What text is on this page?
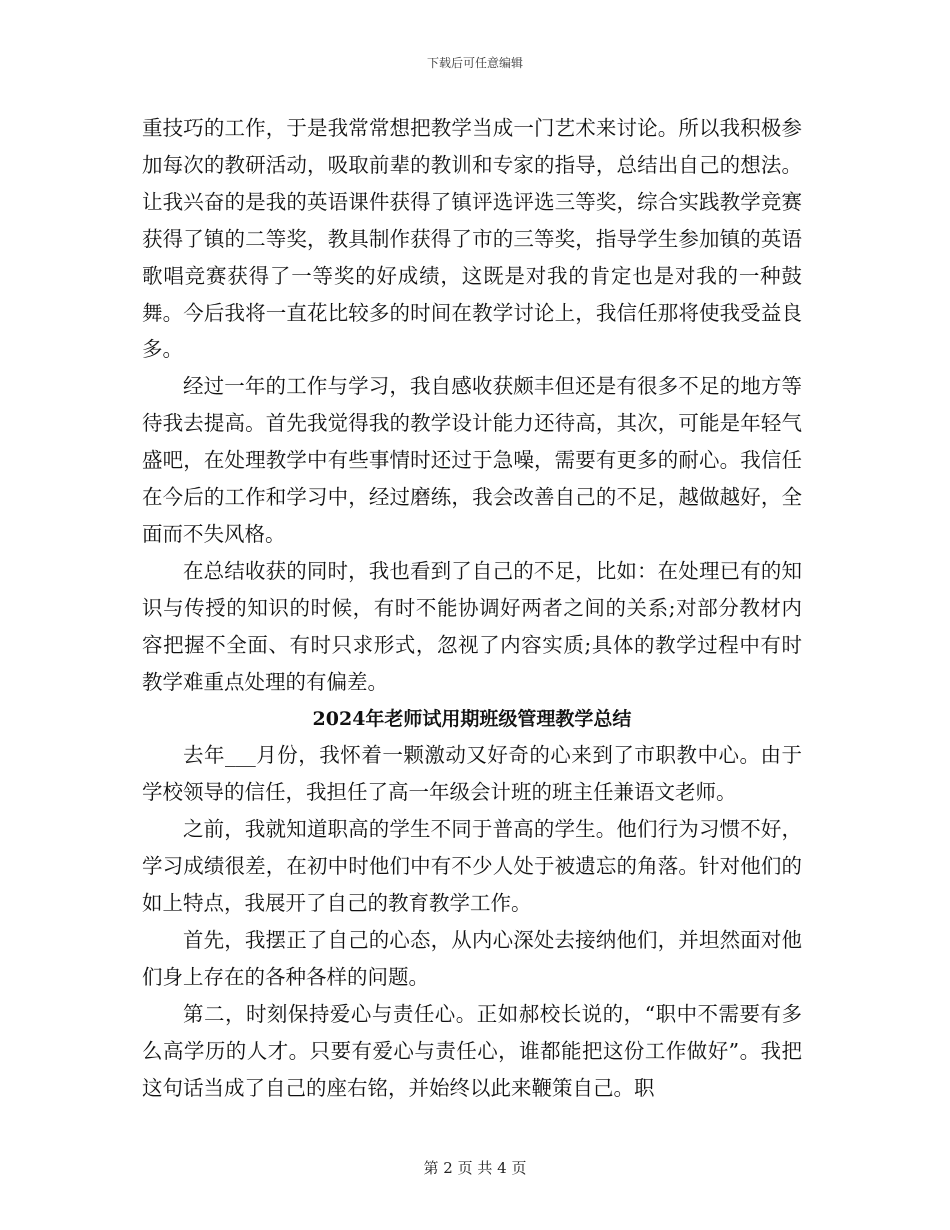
下载后可任意编辑

重技巧的工作，于是我常常想把教学当成一门艺术来讨论。所以我积极参加每次的教研活动，吸取前辈的教训和专家的指导，总结出自己的想法。让我兴奋的是我的英语课件获得了镇评选评选三等奖，综合实践教学竞赛获得了镇的二等奖，教具制作获得了市的三等奖，指导学生参加镇的英语歌唱竞赛获得了一等奖的好成绩，这既是对我的肯定也是对我的一种鼓舞。今后我将一直花比较多的时间在教学讨论上，我信任那将使我受益良多。

经过一年的工作与学习，我自感收获颇丰但还是有很多不足的地方等待我去提高。首先我觉得我的教学设计能力还待高，其次，可能是年轻气盛吧，在处理教学中有些事情时还过于急噪，需要有更多的耐心。我信任在今后的工作和学习中，经过磨练，我会改善自己的不足，越做越好，全面而不失风格。

在总结收获的同时，我也看到了自己的不足，比如：在处理已有的知识与传授的知识的时候，有时不能协调好两者之间的关系;对部分教材内容把握不全面、有时只求形式，忽视了内容实质;具体的教学过程中有时教学难重点处理的有偏差。

2024年老师试用期班级管理教学总结

去年___月份，我怀着一颗激动又好奇的心来到了市职教中心。由于学校领导的信任，我担任了高一年级会计班的班主任兼语文老师。

之前，我就知道职高的学生不同于普高的学生。他们行为习惯不好，学习成绩很差，在初中时他们中有不少人处于被遗忘的角落。针对他们的如上特点，我展开了自己的教育教学工作。

首先，我摆正了自己的心态，从内心深处去接纳他们，并坦然面对他们身上存在的各种各样的问题。

第二，时刻保持爱心与责任心。正如郝校长说的，“职中不需要有多么高学历的人才。只要有爱心与责任心，谁都能把这份工作做好”。我把这句话当成了自己的座右铭，并始终以此来鞭策自己。职

第 2 页 共 4 页
